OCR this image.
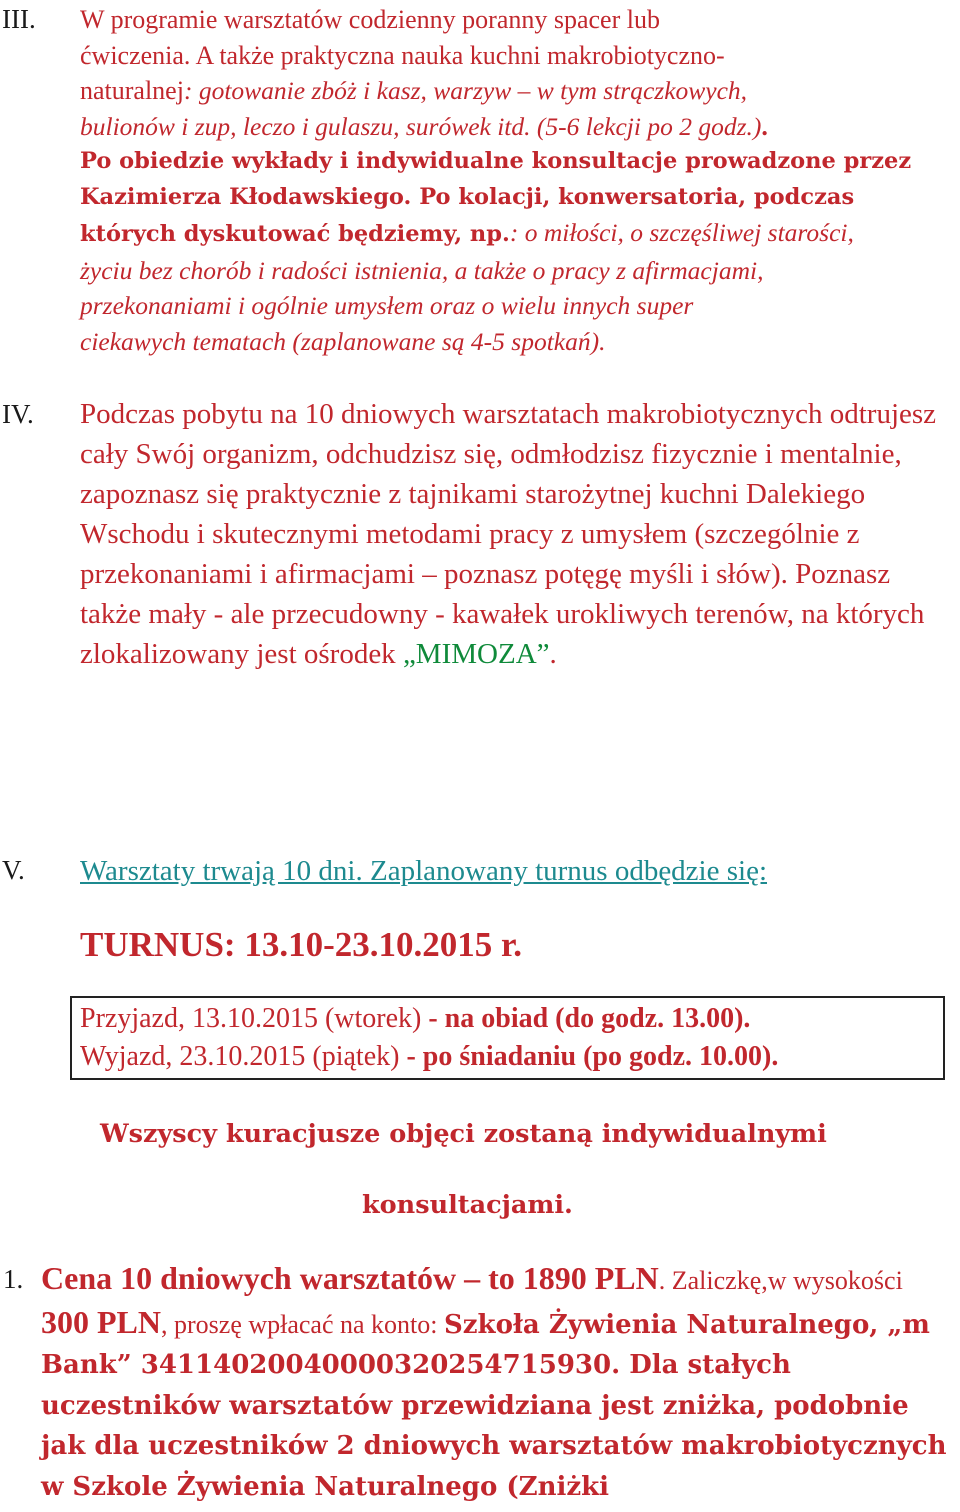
III. W programie warsztatów codzienny poranny spacer lub
ćwiczenia. A także praktyczna nauka kuchni makrobiotyczno-
naturalnej: gotowanie zbóż i kasz, warzyw – w tym strączkowych,
bulionów i zup, leczo i gulaszu, surówek itd. (5-6 lekcji po 2 godz.).
Po obiedzie wykłady i indywidualne konsultacje prowadzone przez
Kazimierza Kłodawskiego. Po kolacji, konwersatoria, podczas
których dyskutować będziemy, np.: o miłości, o szczęśliwej starości,
życiu bez chorób i radości istnienia, a także o pracy z afirmacjami,
przekonaniami i ogólnie umysłem oraz o wielu innych super
ciekawych tematach (zaplanowane są 4-5 spotkań).
IV. Podczas pobytu na 10 dniowych warsztatach makrobiotycznych odtrujesz cały Swój organizm, odchudzisz się, odmłodzisz fizycznie i mentalnie, zapoznasz się praktycznie z tajnikami starożytnej kuchni Dalekiego Wschodu i skutecznymi metodami pracy z umysłem (szczególnie z przekonaniami i afirmacjami – poznasz potęgę myśli i słów). Poznasz także mały - ale przecudowny - kawałek urokliwych terenów, na których zlokalizowany jest ośrodek „MIMOZA”.
V. Warsztaty trwają 10 dni. Zaplanowany turnus odbędzie się:
TURNUS: 13.10-23.10.2015 r.
Przyjazd, 13.10.2015 (wtorek) - na obiad (do godz. 13.00).
Wyjazd, 23.10.2015 (piątek) - po śniadaniu (po godz. 10.00).
Wszyscy kuracjusze objęci zostaną indywidualnymi
konsultacjami.
1. Cena 10 dniowych warsztatów – to 1890 PLN. Zaliczkę,w wysokości 300 PLN, proszę wpłacać na konto: Szkoła Żywienia Naturalnego, „m Bank” 34114020040000320254715930. Dla stałych uczestników warsztatów przewidziana jest zniżka, podobnie jak dla uczestników 2 dniowych warsztatów makrobiotycznych w Szkole Żywienia Naturalnego (Zniżki
